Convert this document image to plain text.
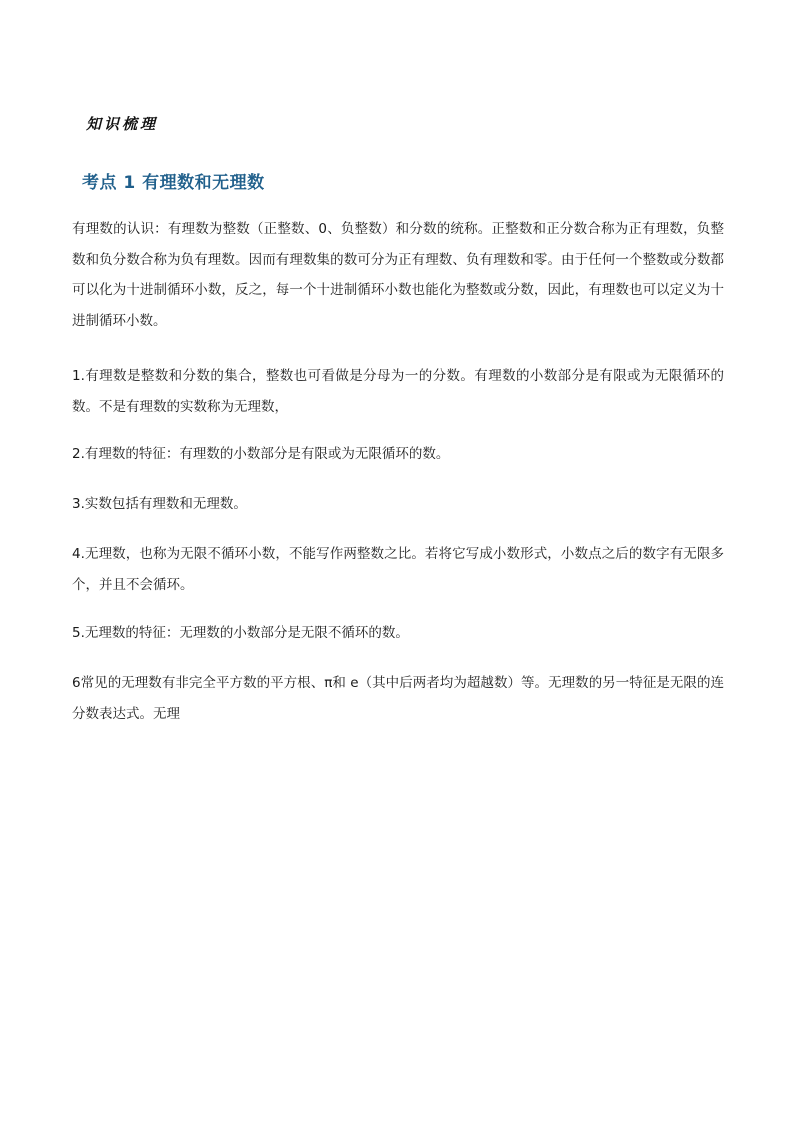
知识梳理
考点 1 有理数和无理数

有理数的认识：有理数为整数（正整数、0、负整数）和分数的统称。正整数和正分数合称为正有理数，负整数和负分数合称为负有理数。因而有理数集的数可分为正有理数、负有理数和零。由于任何一个整数或分数都可以化为十进制循环小数，反之，每一个十进制循环小数也能化为整数或分数，因此，有理数也可以定义为十进制循环小数。

1.有理数是整数和分数的集合，整数也可看做是分母为一的分数。有理数的小数部分是有限或为无限循环的数。不是有理数的实数称为无理数，

2.有理数的特征：有理数的小数部分是有限或为无限循环的数。

3.实数包括有理数和无理数。

4.无理数，也称为无限不循环小数，不能写作两整数之比。若将它写成小数形式，小数点之后的数字有无限多个，并且不会循环。

5.无理数的特征：无理数的小数部分是无限不循环的数。

6常见的无理数有非完全平方数的平方根、π和 e（其中后两者均为超越数）等。无理数的另一特征是无限的连分数表达式。无理
